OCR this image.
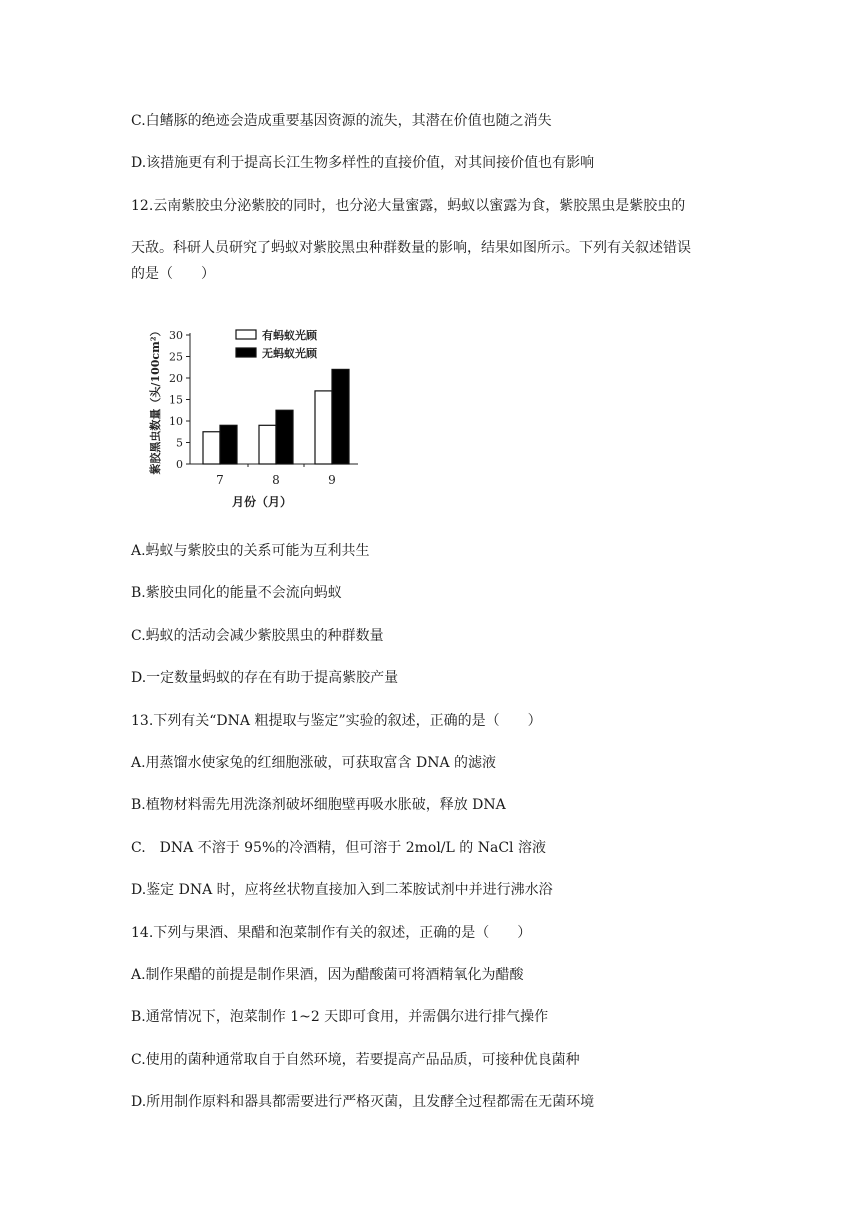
C.白鳍豚的绝迹会造成重要基因资源的流失，其潜在价值也随之消失
D.该措施更有利于提高长江生物多样性的直接价值，对其间接价值也有影响
12.云南紫胶虫分泌紫胶的同时，也分泌大量蜜露，蚂蚁以蜜露为食，紫胶黑虫是紫胶虫的
天敌。科研人员研究了蚂蚁对紫胶黑虫种群数量的影响，结果如图所示。下列有关叙述错误
的是（　　）
0
5
10
15
20
25
30
7	8	9
有蚂蚁光顾
无蚂蚁光顾
紫胶黑虫数量（头/100cm²）
月份（月）
A.蚂蚁与紫胶虫的关系可能为互利共生
B.紫胶虫同化的能量不会流向蚂蚁
C.蚂蚁的活动会减少紫胶黑虫的种群数量
D.一定数量蚂蚁的存在有助于提高紫胶产量
13.下列有关“DNA 粗提取与鉴定”实验的叙述，正确的是（　　）
A.用蒸馏水使家兔的红细胞涨破，可获取富含 DNA 的滤液
B.植物材料需先用洗涤剂破坏细胞壁再吸水胀破，释放 DNA
C.　DNA 不溶于 95%的冷酒精，但可溶于 2mol/L 的 NaCl 溶液
D.鉴定 DNA 时，应将丝状物直接加入到二苯胺试剂中并进行沸水浴
14.下列与果酒、果醋和泡菜制作有关的叙述，正确的是（　　）
A.制作果醋的前提是制作果酒，因为醋酸菌可将酒精氧化为醋酸
B.通常情况下，泡菜制作 1~2 天即可食用，并需偶尔进行排气操作
C.使用的菌种通常取自于自然环境，若要提高产品品质，可接种优良菌种
D.所用制作原料和器具都需要进行严格灭菌，且发酵全过程都需在无菌环境
